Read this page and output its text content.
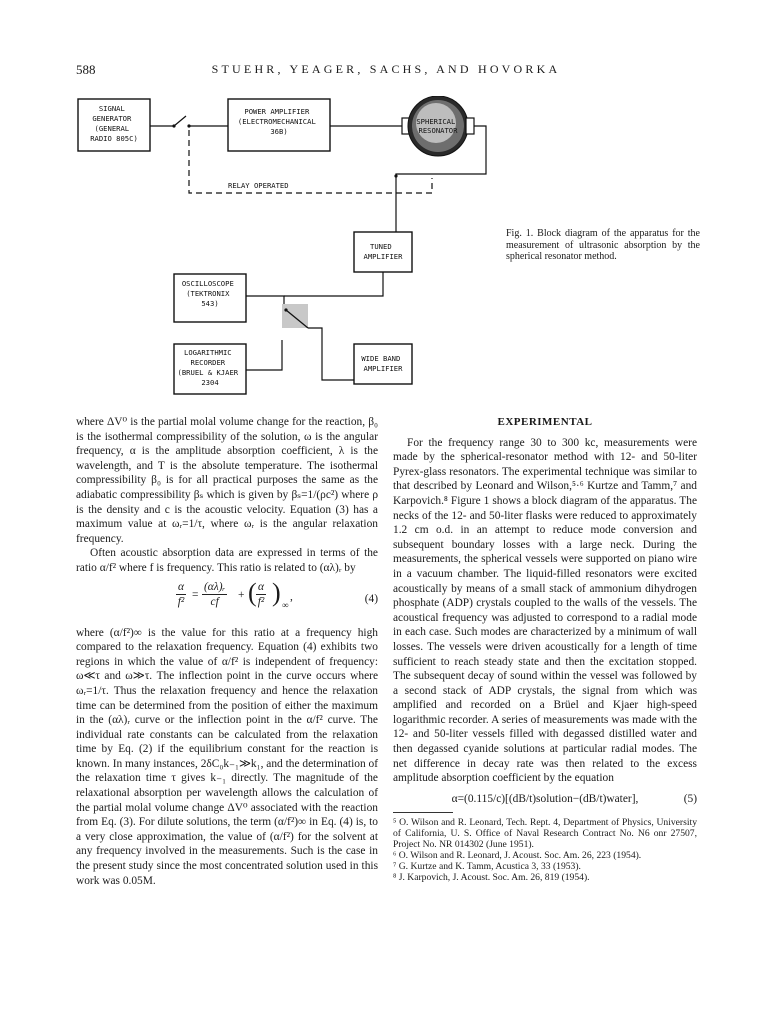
588	STUEHR, YEAGER, SACHS, AND HOVORKA
SIGNAL GENERATOR (GENERAL RADIO 805C)
POWER AMPLIFIER (ELECTROMECHANICAL 36B)
SPHERICAL RESONATOR
RELAY OPERATED
TUNED AMPLIFIER
OSCILLOSCOPE (TEKTRONIX 543)
LOGARITHMIC RECORDER (BRUEL & KJAER 2304
WIDE BAND AMPLIFIER
Fig. 1. Block diagram of the apparatus for the measurement of ultrasonic absorption by the spherical resonator method.

where ΔV⁰ is the partial molal volume change for the reaction, β₀ is the isothermal compressibility of the solution, ω is the angular frequency, α is the amplitude absorption coefficient, λ is the wavelength, and T is the absolute temperature. The isothermal compressibility β₀ is for all practical purposes the same as the adiabatic compressibility βₛ which is given by βₛ=1/(ρc²) where ρ is the density and c is the acoustic velocity. Equation (3) has a maximum value at ωᵣ=1/τ, where ωᵣ is the angular relaxation frequency.

Often acoustic absorption data are expressed in terms of the ratio α/f² where f is frequency. This ratio is related to (αλ)ᵣ by

$\frac{\alpha}{\text{f²}} = \frac{\text{(αλ)ᵣ}}{cf}$ + ( $\frac{\alpha}{\text{f²}}$ ) ∞
,	(4)

where (α/f²)∞ is the value for this ratio at a frequency high compared to the relaxation frequency. Equation (4) exhibits two regions in which the value of α/f² is independent of frequency: ω≪τ and ω≫τ. The inflection point in the curve occurs where ωᵣ=1/τ. Thus the relaxation frequency and hence the relaxation time can be determined from the position of either the maximum in the (αλ)ᵣ curve or the inflection point in the α/f² curve. The individual rate constants can be calculated from the relaxation time by Eq. (2) if the equilibrium constant for the reaction is known. In many instances, 2δC₀k₋₁≫k₁, and the determination of the relaxation time τ gives k₋₁ directly. The magnitude of the relaxational absorption per wavelength allows the calculation of the partial molal volume change ΔV⁰ associated with the reaction from Eq. (3). For dilute solutions, the term (α/f²)∞ in Eq. (4) is, to a very close approximation, the value of (α/f²) for the solvent at any frequency involved in the measurements. Such is the case in the present study since the most concentrated solution used in this work was 0.05M.

EXPERIMENTAL

For the frequency range 30 to 300 kc, measurements were made by the spherical-resonator method with 12- and 50-liter Pyrex-glass resonators. The experimental technique was similar to that described by Leonard and Wilson,⁵·⁶ Kurtze and Tamm,⁷ and Karpovich.⁸ Figure 1 shows a block diagram of the apparatus. The necks of the 12- and 50-liter flasks were reduced to approximately 1.2 cm o.d. in an attempt to reduce mode conversion and subsequent boundary losses with a large neck. During the measurements, the spherical vessels were supported on piano wire in a vacuum chamber. The liquid-filled resonators were excited acoustically by means of a small stack of ammonium dihydrogen phosphate (ADP) crystals coupled to the walls of the vessels. The acoustical frequency was adjusted to correspond to a radial mode in each case. Such modes are characterized by a minimum of wall losses. The vessels were driven acoustically for a length of time sufficient to reach steady state and then the excitation stopped. The subsequent decay of sound within the vessel was followed by a second stack of ADP crystals, the signal from which was amplified and recorded on a Brüel and Kjaer high-speed logarithmic recorder. A series of measurements was made with the 12- and 50-liter vessels filled with degassed distilled water and then degassed cyanide solutions at particular radial modes. The net difference in decay rate was then related to the excess amplitude absorption coefficient by the equation

α=(0.115/c)[(dB/t)solution−(dB/t)water],	(5)

⁵ O. Wilson and R. Leonard, Tech. Rept. 4, Department of Physics, University of California, U. S. Office of Naval Research Contract No. N6 onr 27507, Project No. NR 014302 (June 1951).

⁶ O. Wilson and R. Leonard, J. Acoust. Soc. Am. 26, 223 (1954).

⁷ G. Kurtze and K. Tamm, Acustica 3, 33 (1953).

⁸ J. Karpovich, J. Acoust. Soc. Am. 26, 819 (1954).
